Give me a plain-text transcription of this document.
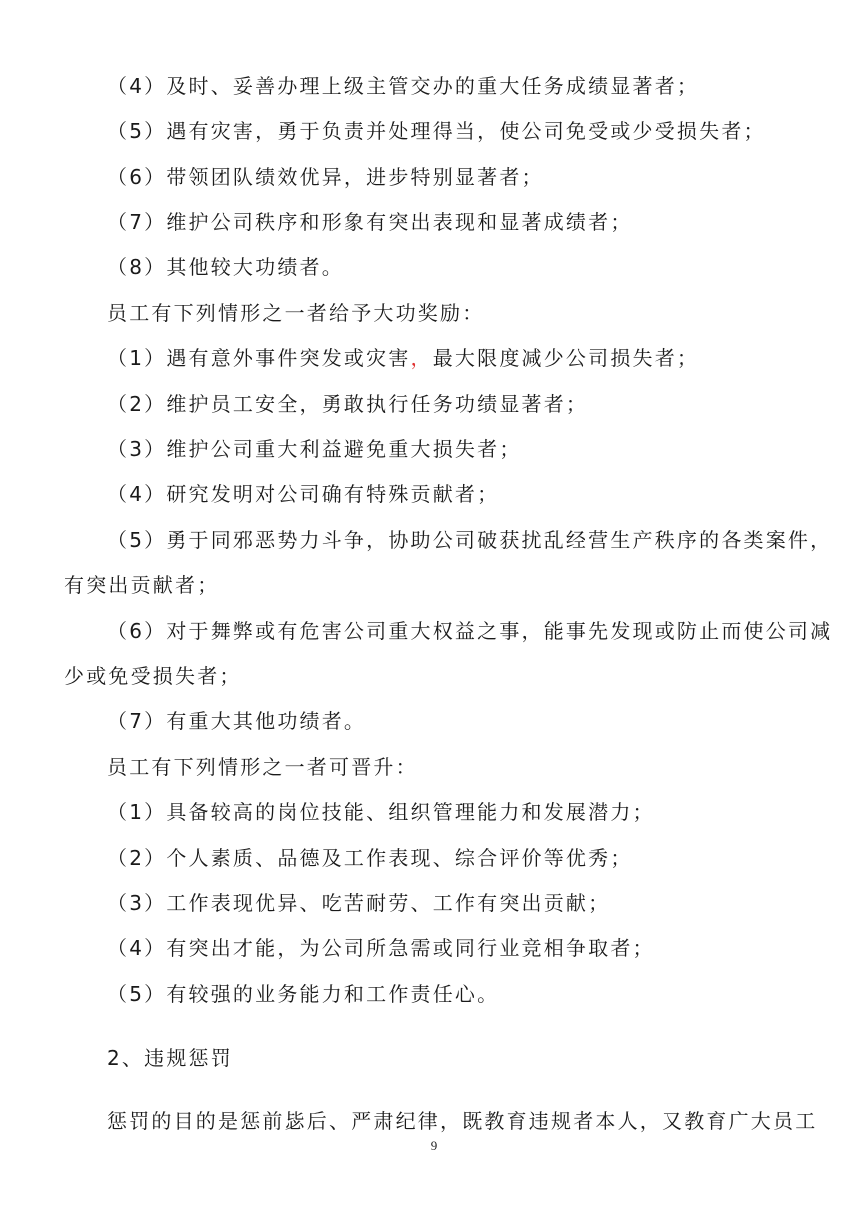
（4）及时、妥善办理上级主管交办的重大任务成绩显著者；
（5）遇有灾害，勇于负责并处理得当，使公司免受或少受损失者；
（6）带领团队绩效优异，进步特别显著者；
（7）维护公司秩序和形象有突出表现和显著成绩者；
（8）其他较大功绩者。
员工有下列情形之一者给予大功奖励：
（1）遇有意外事件突发或灾害，最大限度减少公司损失者；
（2）维护员工安全，勇敢执行任务功绩显著者；
（3）维护公司重大利益避免重大损失者；
（4）研究发明对公司确有特殊贡献者；
（5）勇于同邪恶势力斗争，协助公司破获扰乱经营生产秩序的各类案件，
有突出贡献者；
（6）对于舞弊或有危害公司重大权益之事，能事先发现或防止而使公司减
少或免受损失者；
（7）有重大其他功绩者。
员工有下列情形之一者可晋升：
（1）具备较高的岗位技能、组织管理能力和发展潜力；
（2）个人素质、品德及工作表现、综合评价等优秀；
（3）工作表现优异、吃苦耐劳、工作有突出贡献；
（4）有突出才能，为公司所急需或同行业竞相争取者；
（5）有较强的业务能力和工作责任心。
2、违规惩罚
惩罚的目的是惩前毖后、严肃纪律，既教育违规者本人，又教育广大员工
9
